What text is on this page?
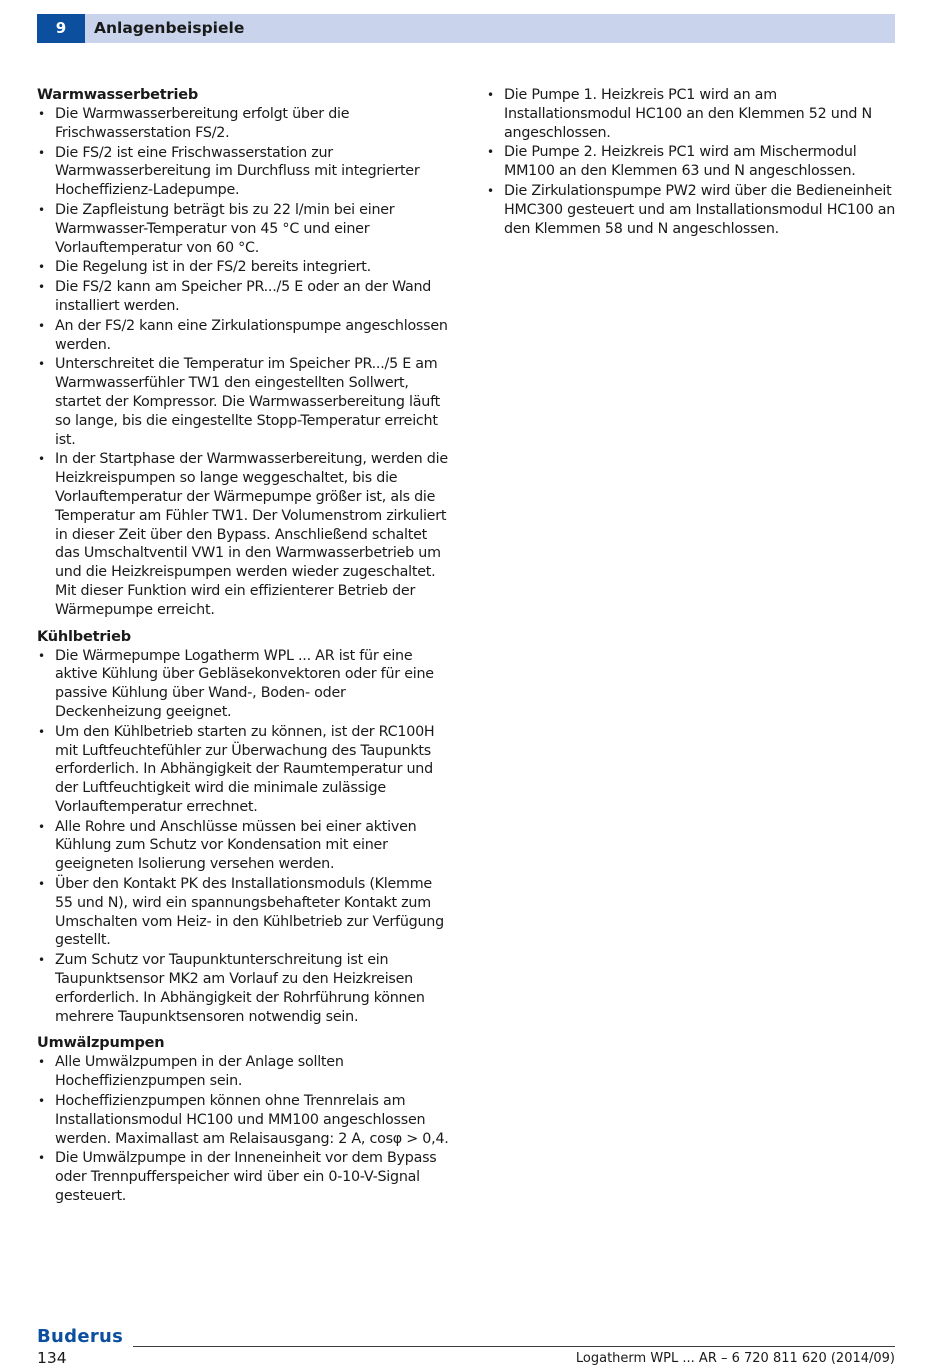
9	Anlagenbeispiele
Warmwasserbetrieb
• Die Warmwasserbereitung erfolgt über die Frischwasserstation FS/2.
• Die FS/2 ist eine Frischwasserstation zur Warmwasserbereitung im Durchfluss mit integrierter Hocheffizienz-Ladepumpe.
• Die Zapfleistung beträgt bis zu 22 l/min bei einer Warmwasser-Temperatur von 45 °C und einer Vorlauftemperatur von 60 °C.
• Die Regelung ist in der FS/2 bereits integriert.
• Die FS/2 kann am Speicher PR.../5 E oder an der Wand installiert werden.
• An der FS/2 kann eine Zirkulationspumpe angeschlossen werden.
• Unterschreitet die Temperatur im Speicher PR.../5 E am Warmwasserfühler TW1 den eingestellten Sollwert, startet der Kompressor. Die Warmwasserbereitung läuft so lange, bis die eingestellte Stopp-Temperatur erreicht ist.
• In der Startphase der Warmwasserbereitung, werden die Heizkreispumpen so lange weggeschaltet, bis die Vorlauftemperatur der Wärmepumpe größer ist, als die Temperatur am Fühler TW1. Der Volumenstrom zirkuliert in dieser Zeit über den Bypass. Anschließend schaltet das Umschaltventil VW1 in den Warmwasserbetrieb um und die Heizkreispumpen werden wieder zugeschaltet. Mit dieser Funktion wird ein effizienterer Betrieb der Wärmepumpe erreicht.
Kühlbetrieb
• Die Wärmepumpe Logatherm WPL ... AR ist für eine aktive Kühlung über Gebläsekonvektoren oder für eine passive Kühlung über Wand-, Boden- oder Deckenheizung geeignet.
• Um den Kühlbetrieb starten zu können, ist der RC100H mit Luftfeuchtefühler zur Überwachung des Taupunkts erforderlich. In Abhängigkeit der Raumtemperatur und der Luftfeuchtigkeit wird die minimale zulässige Vorlauftemperatur errechnet.
• Alle Rohre und Anschlüsse müssen bei einer aktiven Kühlung zum Schutz vor Kondensation mit einer geeigneten Isolierung versehen werden.
• Über den Kontakt PK des Installationsmoduls (Klemme 55 und N), wird ein spannungsbehafteter Kontakt zum Umschalten vom Heiz- in den Kühlbetrieb zur Verfügung gestellt.
• Zum Schutz vor Taupunktunterschreitung ist ein Taupunktsensor MK2 am Vorlauf zu den Heizkreisen erforderlich. In Abhängigkeit der Rohrführung können mehrere Taupunktsensoren notwendig sein.
Umwälzpumpen
• Alle Umwälzpumpen in der Anlage sollten Hocheffizienzpumpen sein.
• Hocheffizienzpumpen können ohne Trennrelais am Installationsmodul HC100 und MM100 angeschlossen werden. Maximallast am Relaisausgang: 2 A, cosφ > 0,4.
• Die Umwälzpumpe in der Inneneinheit vor dem Bypass oder Trennpufferspeicher wird über ein 0-10-V-Signal gesteuert.
• Die Pumpe 1. Heizkreis PC1 wird an am Installationsmodul HC100 an den Klemmen 52 und N angeschlossen.
• Die Pumpe 2. Heizkreis PC1 wird am Mischermodul MM100 an den Klemmen 63 und N angeschlossen.
• Die Zirkulationspumpe PW2 wird über die Bedieneinheit HMC300 gesteuert und am Installationsmodul HC100 an den Klemmen 58 und N angeschlossen.
Buderus
134	Logatherm WPL ... AR – 6 720 811 620 (2014/09)
